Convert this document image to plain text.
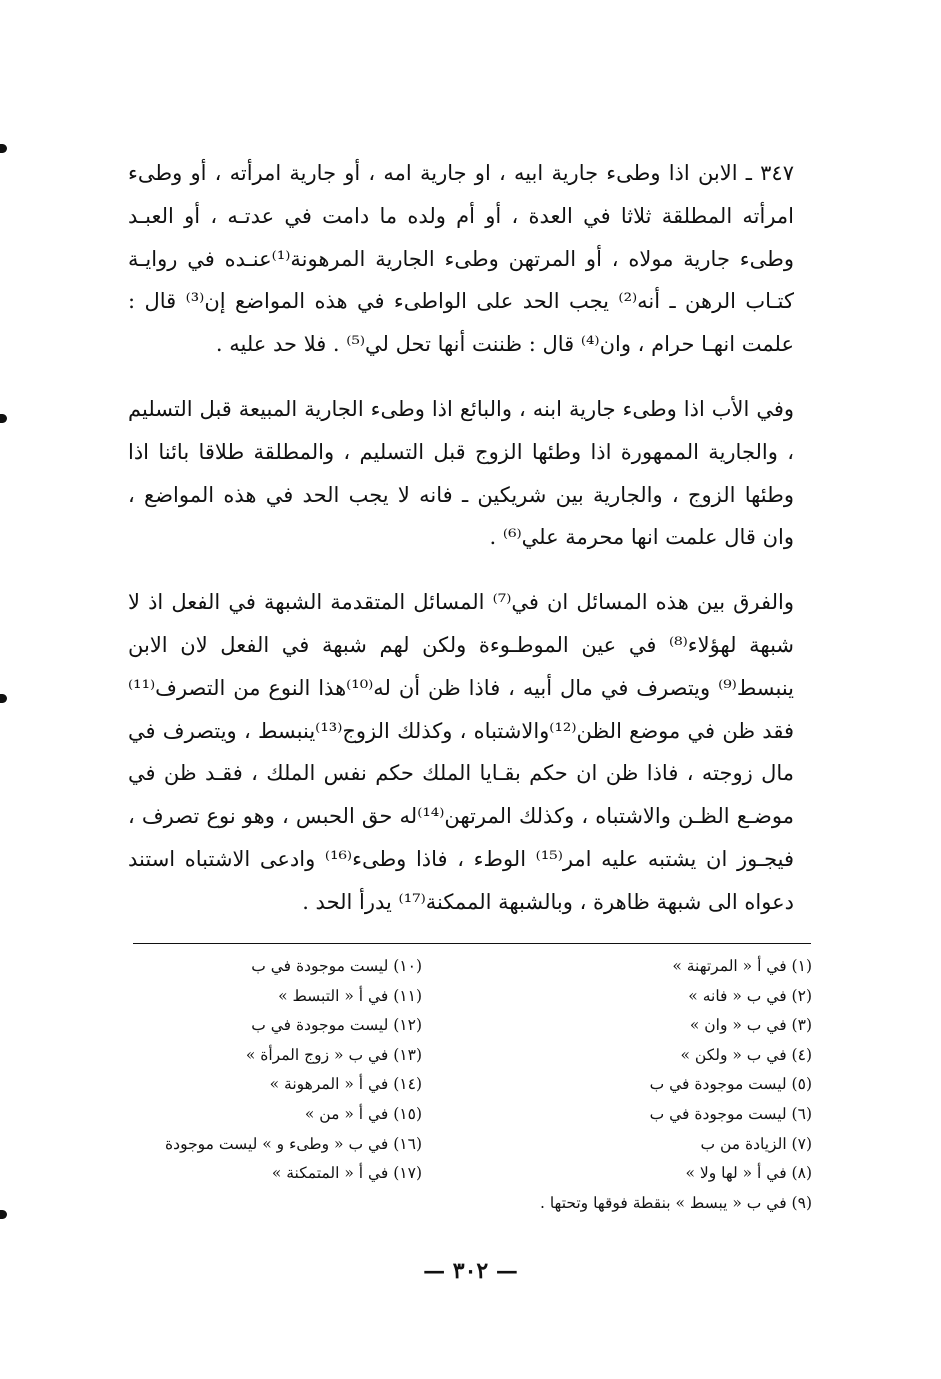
٣٤٧ ـ الابن اذا وطىء جارية ابيه ، او جارية امه ، أو جارية امرأته ، أو وطىء امرأته المطلقة ثلاثا في العدة ، أو أم ولده ما دامت في عدتـه ، أو العبـد وطىء جارية مولاه ، أو المرتهن وطىء الجارية المرهونة⁽¹⁾عنـده في روايـة كتـاب الرهن ـ أنه⁽²⁾ يجب الحد على الواطىء في هذه المواضع إن⁽³⁾ قال : علمت انهـا حرام ، وان⁽⁴⁾ قال : ظننت أنها تحل لي⁽⁵⁾ . فلا حد عليه .

وفي الأب اذا وطىء جارية ابنه ، والبائع اذا وطىء الجارية المبيعة قبل التسليم ، والجارية الممهورة اذا وطئها الزوج قبل التسليم ، والمطلقة طلاقا بائنا اذا وطئها الزوج ، والجارية بين شريكين ـ فانه لا يجب الحد في هذه المواضع ، وان قال علمت انها محرمة علي⁽⁶⁾ .

والفرق بين هذه المسائل ان في⁽⁷⁾ المسائل المتقدمة الشبهة في الفعل اذ لا شبهة لهؤلاء⁽⁸⁾ في عين الموطـوءة ولكن لهم شبهة في الفعل لان الابن ينبسط⁽⁹⁾ ويتصرف في مال أبيه ، فاذا ظن أن له⁽¹⁰⁾هذا النوع من التصرف⁽¹¹⁾فقد ظن في موضع الظن⁽¹²⁾والاشتباه ، وكذلك الزوج⁽¹³⁾ينبسط ، ويتصرف في مال زوجته ، فاذا ظن ان حكم بقـايا الملك حكم نفس الملك ، فقـد ظن في موضـع الظـن والاشتباه ، وكذلك المرتهن⁽¹⁴⁾له حق الحبس ، وهو نوع تصرف ، فيجـوز ان يشتبه عليه امر⁽¹⁵⁾ الوطء ، فاذا وطىء⁽¹⁶⁾ وادعى الاشتباه استند دعواه الى شبهة ظاهرة ، وبالشبهة الممكنة⁽¹⁷⁾ يدرأ الحد .

(١) في أ « المرتهنة »
(٢) في ب « فانه »
(٣) في ب « وان »
(٤) في ب « ولكن »
(٥) ليست موجودة في ب
(٦) ليست موجودة في ب
(٧) الزيادة من ب
(٨) في أ « لها ولا »
(٩) في ب « يبسط » بنقطة فوقها وتحتها .
(١٠) ليست موجودة في ب
(١١) في أ « التبسط »
(١٢) ليست موجودة في ب
(١٣) في ب « زوج المرأة »
(١٤) في أ « المرهونة »
(١٥) في أ « من »
(١٦) في ب « وطىء و » ليست موجودة
(١٧) في أ « المتمكنة »
— ٣٠٢ —
